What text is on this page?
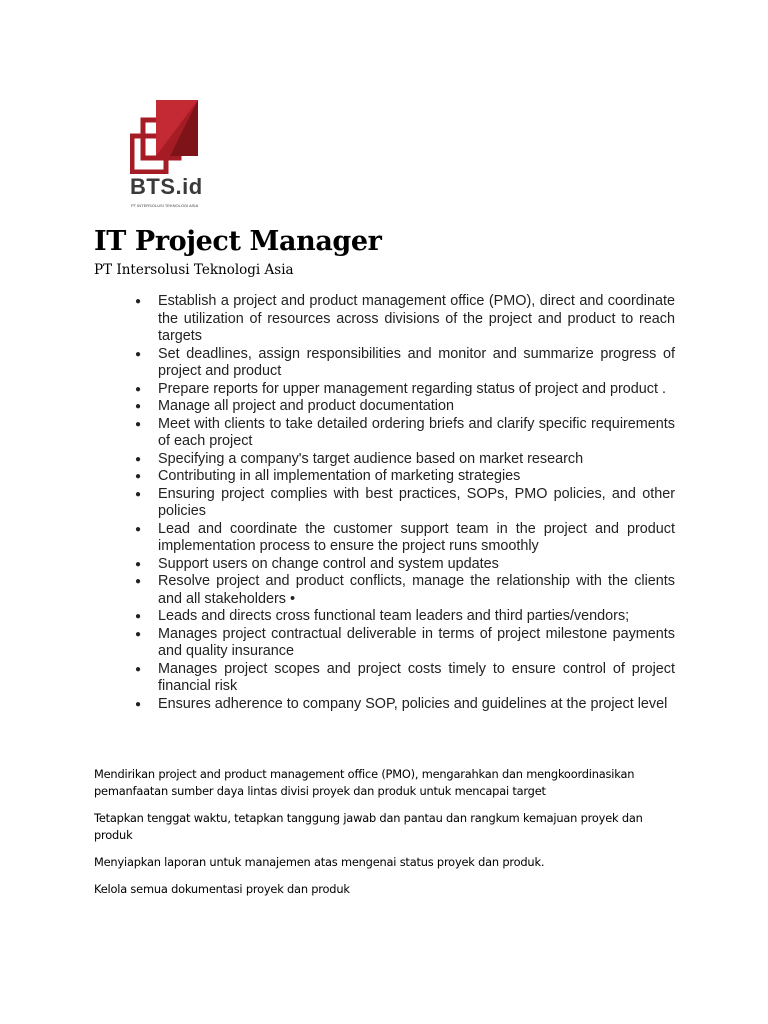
BTS.id
PT INTERSOLUSI TEKNOLOGI ASIA
IT Project Manager

PT Intersolusi Teknologi Asia

● Establish a project and product management office (PMO), direct and coordinate the utilization of resources across divisions of the project and product to reach targets
● Set deadlines, assign responsibilities and monitor and summarize progress of project and product
● Prepare reports for upper management regarding status of project and product .
● Manage all project and product documentation
● Meet with clients to take detailed ordering briefs and clarify specific requirements of each project
● Specifying a company's target audience based on market research
● Contributing in all implementation of marketing strategies
● Ensuring project complies with best practices, SOPs, PMO policies, and other policies
● Lead and coordinate the customer support team in the project and product implementation process to ensure the project runs smoothly
● Support users on change control and system updates
● Resolve project and product conflicts, manage the relationship with the clients and all stakeholders •
● Leads and directs cross functional team leaders and third parties/vendors;
● Manages project contractual deliverable in terms of project milestone payments and quality insurance
● Manages project scopes and project costs timely to ensure control of project financial risk
● Ensures adherence to company SOP, policies and guidelines at the project level

Mendirikan project and product management office (PMO), mengarahkan dan mengkoordinasikan pemanfaatan sumber daya lintas divisi proyek dan produk untuk mencapai target

Tetapkan tenggat waktu, tetapkan tanggung jawab dan pantau dan rangkum kemajuan proyek dan produk

Menyiapkan laporan untuk manajemen atas mengenai status proyek dan produk.

Kelola semua dokumentasi proyek dan produk
